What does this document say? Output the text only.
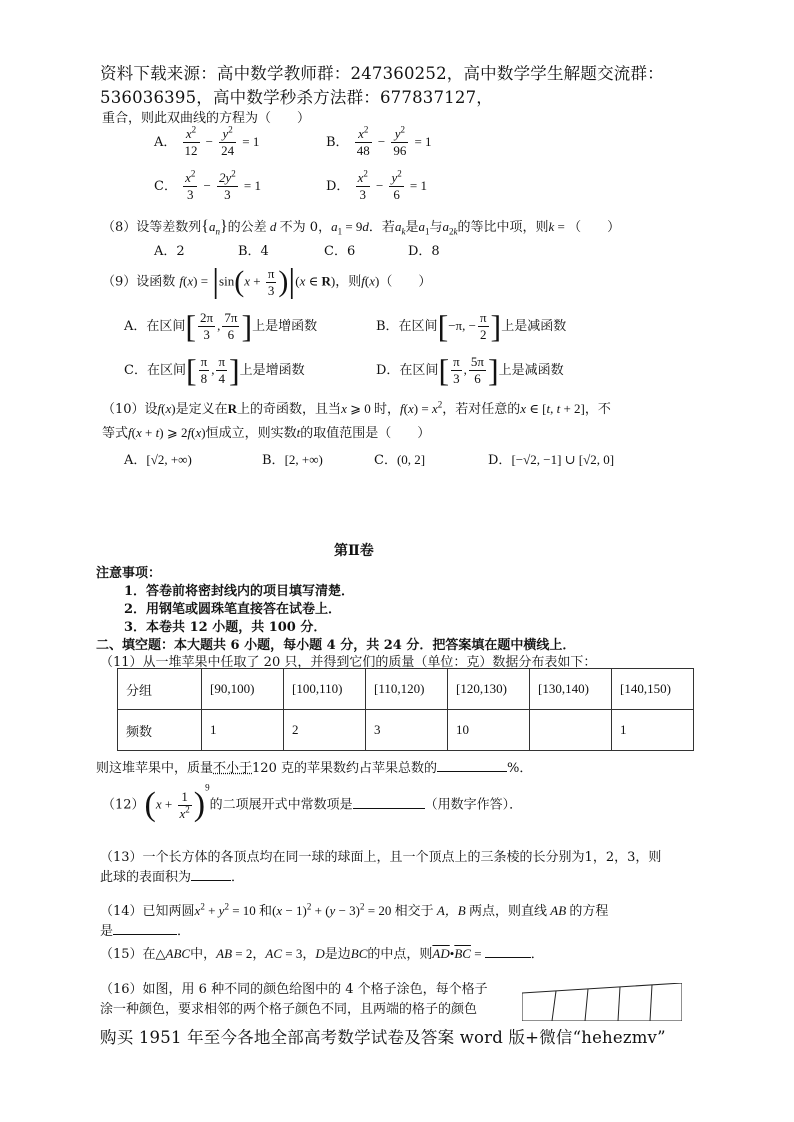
资料下载来源：高中数学教师群：247360252，高中数学学生解题交流群：
536036395，高中数学秒杀方法群：677837127，
重合，则此双曲线的方程为（　　）
A． $\frac{x^2}{12} - \frac{y^2}{24} = 1$	B． $\frac{x^2}{48} - \frac{y^2}{96} = 1$
C． $\frac{x^2}{3} - \frac{2y^2}{3} = 1$	D． $\frac{x^2}{3} - \frac{y^2}{6} = 1$
（8）设等差数列$\{a_n\}$的公差 d 不为 0，$a_1 = 9d$．若$a_k$是$a_1$与$a_{2k}$的等比中项，则k = （　　）
A．2	B．4	C．6	D．8
（9）设函数 $f(x) = |\sin(x + \frac{\pi}{3} )|(x$ ∈ R)，则f(x)（　　）
A．在区间[ $\frac{2\pi}{3}$ , $\frac{7\pi}{6}$ ]上是增函数	B．在区间[−π, − $\frac{\pi}{2}$ ]上是减函数
C．在区间[ $\frac{\pi}{8}$ , $\frac{\pi}{4}$ ]上是增函数	D．在区间[ $\frac{\pi}{3}$ , $\frac{5\pi}{6}$ ]上是减函数
（10）设f(x)是定义在R上的奇函数，且当x ⩾ 0 时，$f(x) = x^2$，若对任意的x ∈ [t, t + 2]，不
等式f(x + t) ⩾ 2f(x)恒成立，则实数t的取值范围是（　　）
A．[√2, +∞)	B．[2, +∞)	C．(0, 2]	D．[−√2, −1] ∪ [√2, 0]
第Ⅱ卷
注意事项：
1．答卷前将密封线内的项目填写清楚．
2．用钢笔或圆珠笔直接答在试卷上．
3．本卷共 12 小题，共 100 分．
二、填空题：本大题共 6 小题，每小题 4 分，共 24 分．把答案填在题中横线上．
（11）从一堆苹果中任取了 20 只，并得到它们的质量（单位：克）数据分布表如下：
分组	[90,100)	[100,110)	[110,120)	[120,130)	[130,140)	[140,150)
频数	1	2	3	10		1
则这堆苹果中，质量不小于120 克的苹果数约占苹果总数的	%．
$(12)(x + \frac{1}{x^2} )^9$的二项展开式中常数项是	（用数字作答）．
（13）一个长方体的各顶点均在同一球的球面上，且一个顶点上的三条棱的长分别为1，2，3，则
此球的表面积为	．
（14）已知两圆$x^2 + y^2 = 10$ 和$(x - 1)^2 + (y - 3)^2 = 20$ 相交于 A，B 两点，则直线 AB 的方程
是	．
（15）在△ABC中，AB = 2，AC = 3，D是边BC的中点，则$\overline{AD}•\overline{BC}$ =	．
（16）如图，用 6 种不同的颜色给图中的 4 个格子涂色，每个格子
涂一种颜色，要求相邻的两个格子颜色不同，且两端的格子的颜色
购买 1951 年至今各地全部高考数学试卷及答案 word 版+微信“hehezmv”
